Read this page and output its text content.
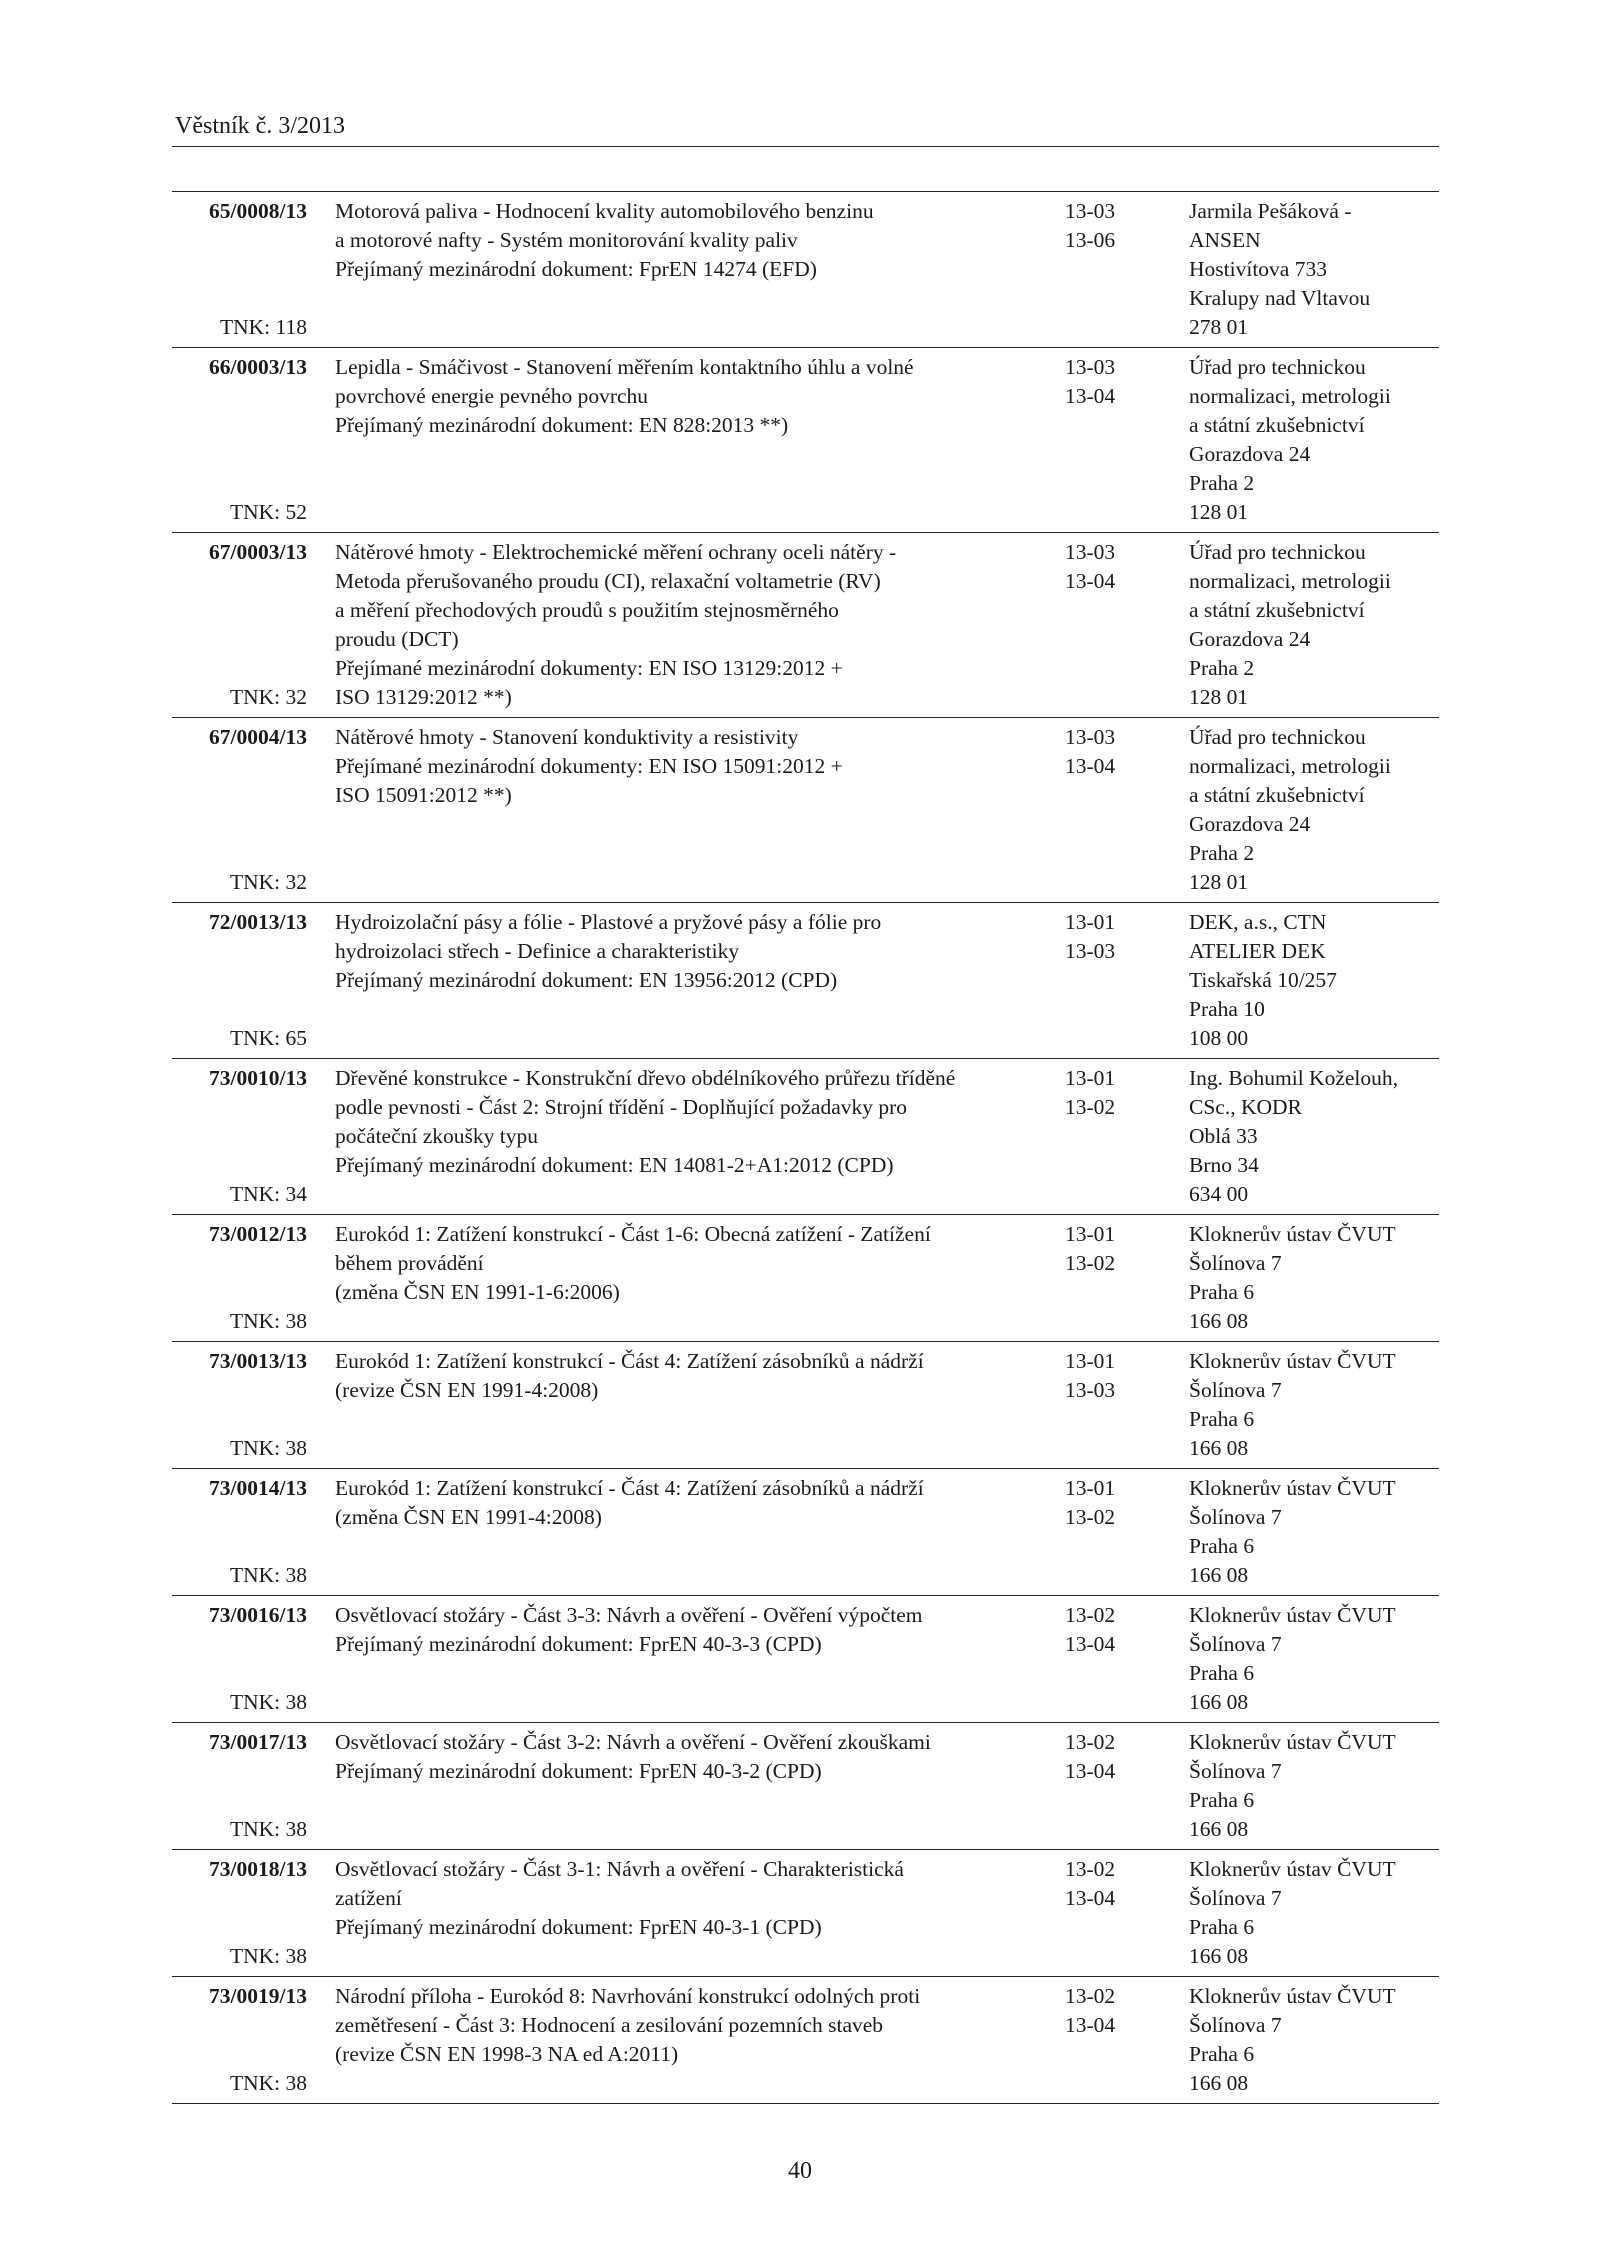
Věstník č. 3/2013
65/0008/13
TNK: 118
Motorová paliva - Hodnocení kvality automobilového benzinu
a motorové nafty - Systém monitorování kvality paliv
Přejímaný mezinárodní dokument: FprEN 14274 (EFD)
13-03
13-06
Jarmila Pešáková -
ANSEN
Hostivítova 733
Kralupy nad Vltavou
278 01
66/0003/13
TNK: 52
Lepidla - Smáčivost - Stanovení měřením kontaktního úhlu a volné
povrchové energie pevného povrchu
Přejímaný mezinárodní dokument: EN 828:2013 **)
13-03
13-04
Úřad pro technickou
normalizaci, metrologii
a státní zkušebnictví
Gorazdova 24
Praha 2
128 01
67/0003/13
TNK: 32
Nátěrové hmoty - Elektrochemické měření ochrany oceli nátěry -
Metoda přerušovaného proudu (CI), relaxační voltametrie (RV)
a měření přechodových proudů s použitím stejnosměrného
proudu (DCT)
Přejímané mezinárodní dokumenty: EN ISO 13129:2012 +
ISO 13129:2012 **)
13-03
13-04
Úřad pro technickou
normalizaci, metrologii
a státní zkušebnictví
Gorazdova 24
Praha 2
128 01
67/0004/13
TNK: 32
Nátěrové hmoty - Stanovení konduktivity a resistivity
Přejímané mezinárodní dokumenty: EN ISO 15091:2012 +
ISO 15091:2012 **)
13-03
13-04
Úřad pro technickou
normalizaci, metrologii
a státní zkušebnictví
Gorazdova 24
Praha 2
128 01
72/0013/13
TNK: 65
Hydroizolační pásy a fólie - Plastové a pryžové pásy a fólie pro
hydroizolaci střech - Definice a charakteristiky
Přejímaný mezinárodní dokument: EN 13956:2012 (CPD)
13-01
13-03
DEK, a.s., CTN
ATELIER DEK
Tiskařská 10/257
Praha 10
108 00
73/0010/13
TNK: 34
Dřevěné konstrukce - Konstrukční dřevo obdélníkového průřezu tříděné
podle pevnosti - Část 2: Strojní třídění - Doplňující požadavky pro
počáteční zkoušky typu
Přejímaný mezinárodní dokument: EN 14081-2+A1:2012 (CPD)
13-01
13-02
Ing. Bohumil Koželouh,
CSc., KODR
Oblá 33
Brno 34
634 00
73/0012/13
TNK: 38
Eurokód 1: Zatížení konstrukcí - Část 1-6: Obecná zatížení - Zatížení
během provádění
(změna ČSN EN 1991-1-6:2006)
13-01
13-02
Kloknerův ústav ČVUT
Šolínova 7
Praha 6
166 08
73/0013/13
TNK: 38
Eurokód 1: Zatížení konstrukcí - Část 4: Zatížení zásobníků a nádrží
(revize ČSN EN 1991-4:2008)
13-01
13-03
Kloknerův ústav ČVUT
Šolínova 7
Praha 6
166 08
73/0014/13
TNK: 38
Eurokód 1: Zatížení konstrukcí - Část 4: Zatížení zásobníků a nádrží
(změna ČSN EN 1991-4:2008)
13-01
13-02
Kloknerův ústav ČVUT
Šolínova 7
Praha 6
166 08
73/0016/13
TNK: 38
Osvětlovací stožáry - Část 3-3: Návrh a ověření - Ověření výpočtem
Přejímaný mezinárodní dokument: FprEN 40-3-3 (CPD)
13-02
13-04
Kloknerův ústav ČVUT
Šolínova 7
Praha 6
166 08
73/0017/13
TNK: 38
Osvětlovací stožáry - Část 3-2: Návrh a ověření - Ověření zkouškami
Přejímaný mezinárodní dokument: FprEN 40-3-2 (CPD)
13-02
13-04
Kloknerův ústav ČVUT
Šolínova 7
Praha 6
166 08
73/0018/13
TNK: 38
Osvětlovací stožáry - Část 3-1: Návrh a ověření - Charakteristická
zatížení
Přejímaný mezinárodní dokument: FprEN 40-3-1 (CPD)
13-02
13-04
Kloknerův ústav ČVUT
Šolínova 7
Praha 6
166 08
73/0019/13
TNK: 38
Národní příloha - Eurokód 8: Navrhování konstrukcí odolných proti
zemětřesení - Část 3: Hodnocení a zesilování pozemních staveb
(revize ČSN EN 1998-3 NA ed A:2011)
13-02
13-04
Kloknerův ústav ČVUT
Šolínova 7
Praha 6
166 08
40
